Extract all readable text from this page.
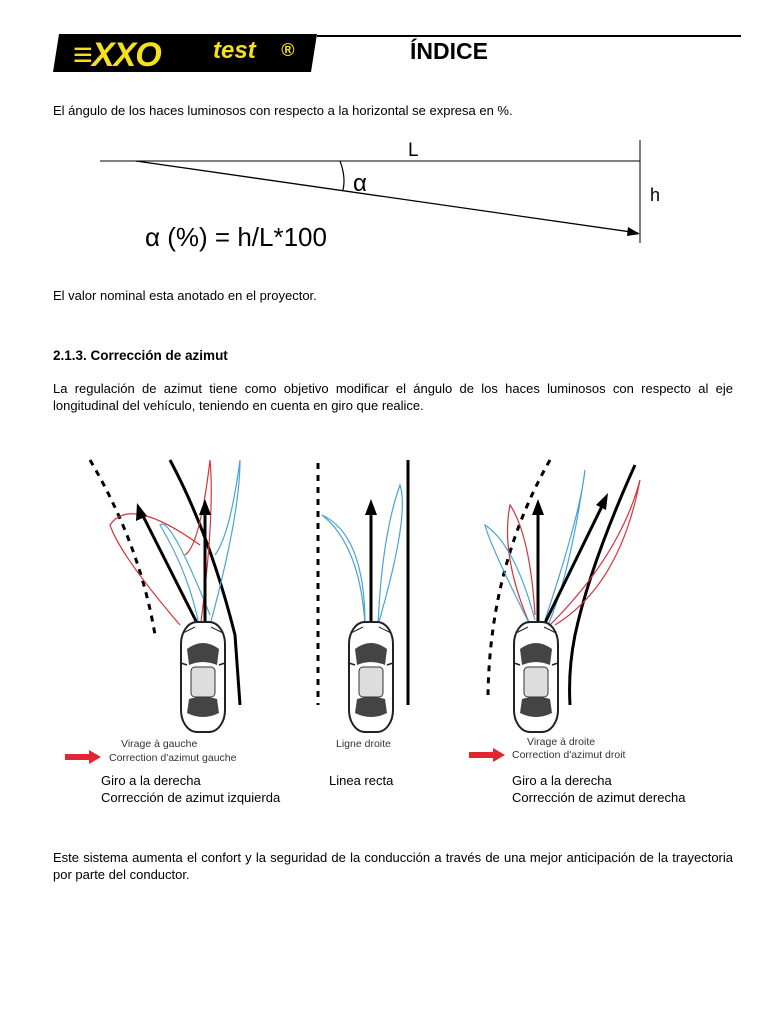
≡XXO test ®	ÍNDICE
El ángulo de los haces luminosos con respecto a la horizontal se expresa en %.
L
α	h
α (%) = h/L*100
El valor nominal esta anotado en el proyector.
2.1.3. Corrección de azimut
La regulación de azimut tiene como objetivo modificar el ángulo de los haces luminosos con respecto al eje longitudinal del vehículo, teniendo en cuenta en giro que realice.
Virage à gauche
Correction d'azimut gauche
Giro a la derecha
Corrección de azimut izquierda
Ligne droite
Linea recta
Virage à droite
Correction d'azimut droit
Giro a la derecha
Corrección de azimut derecha
Este sistema aumenta el confort y la seguridad de la conducción a través de una mejor anticipación de la trayectoria por parte del conductor.
